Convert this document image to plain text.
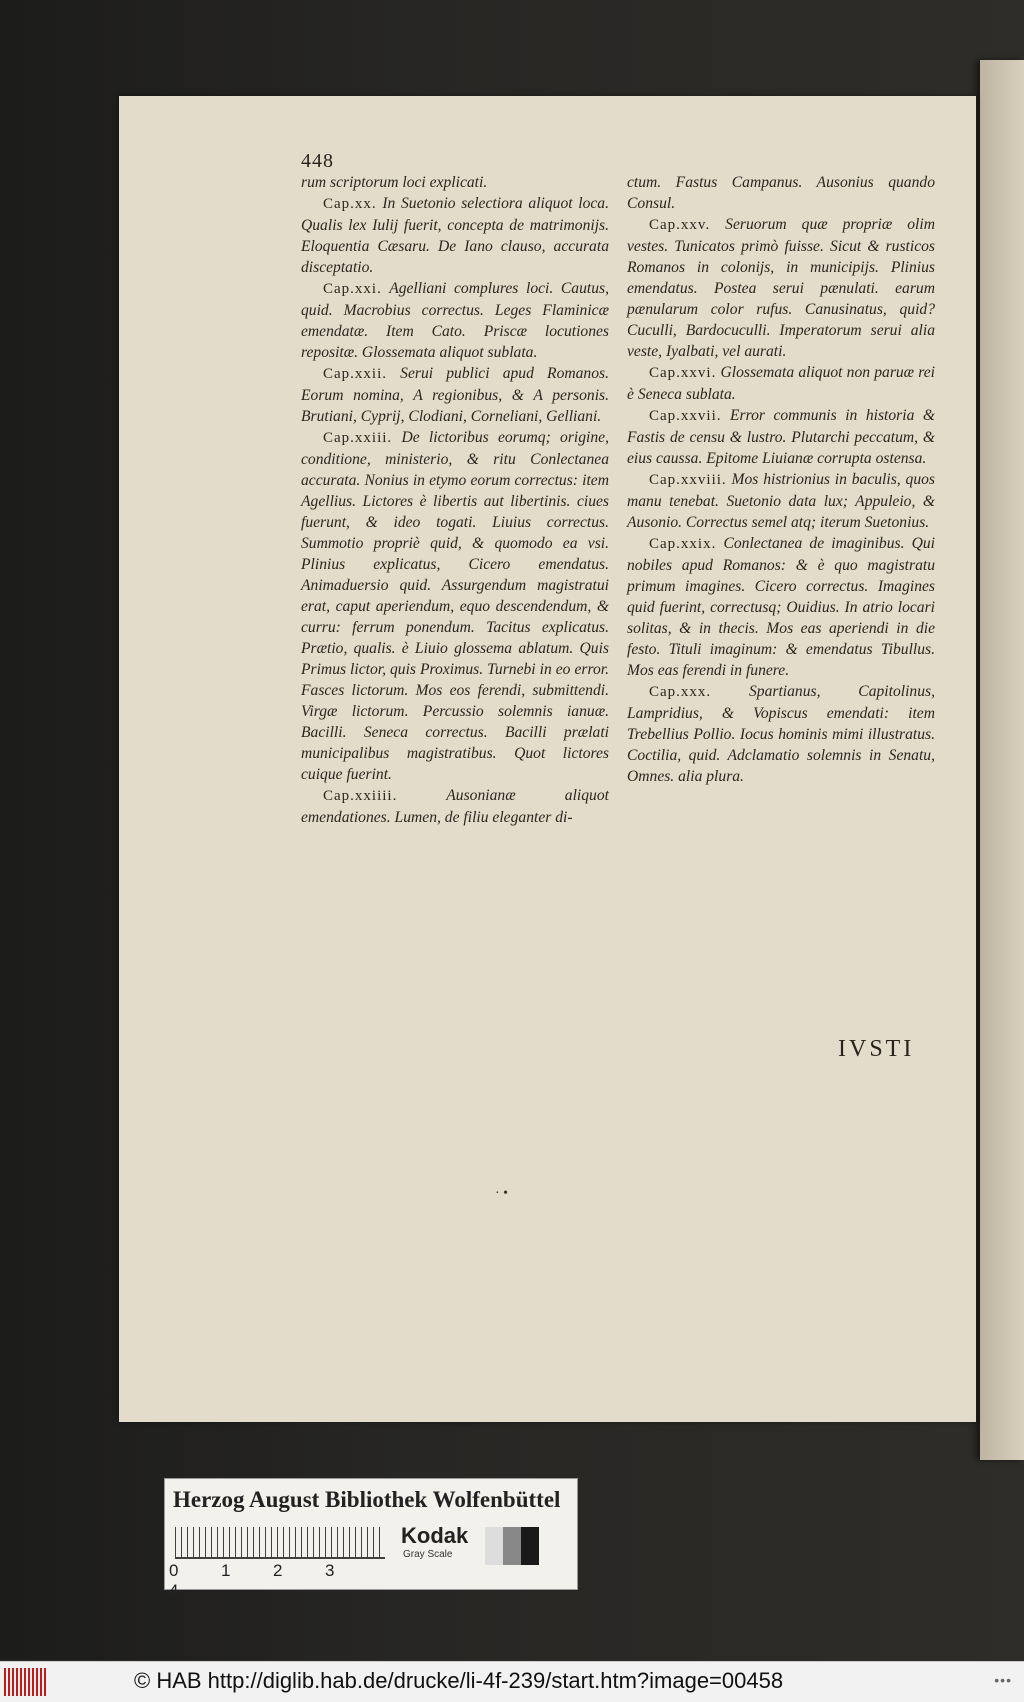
448

rum scriptorum loci explicati.

Cap.xx. In Suetonio selectiora aliquot loca. Qualis lex Iulij fuerit, concepta de matrimonijs. Eloquentia Cæsaru. De Iano clauso, accurata disceptatio.

Cap.xxi. Agelliani complures loci. Cautus, quid. Macrobius correctus. Leges Flaminicæ emendatæ. Item Cato. Priscæ locutiones repositæ. Glossemata aliquot sublata.

Cap.xxii. Serui publici apud Romanos. Eorum nomina, A regionibus, & A personis. Brutiani, Cyprij, Clodiani, Corneliani, Gelliani.

Cap.xxiii. De lictoribus eorumq; origine, conditione, ministerio, & ritu Conlectanea accurata. Nonius in etymo eorum correctus: item Agellius. Lictores è libertis aut libertinis. ciues fuerunt, & ideo togati. Liuius correctus. Summotio propriè quid, & quomodo ea vsi. Plinius explicatus, Cicero emendatus. Animaduersio quid. Assurgendum magistratui erat, caput aperiendum, equo descendendum, & curru: ferrum ponendum. Tacitus explicatus. Prætio, qualis. è Liuio glossema ablatum. Quis Primus lictor, quis Proximus. Turnebi in eo error. Fasces lictorum. Mos eos ferendi, submittendi. Virgæ lictorum. Percussio solemnis ianuæ. Bacilli. Seneca correctus. Bacilli prælati municipalibus magistratibus. Quot lictores cuique fuerint.

Cap.xxiiii.	Ausonianæ aliquot emendationes. Lumen, de filiu eleganter di-

ctum. Fastus Campanus. Ausonius quando Consul.

Cap.xxv. Seruorum quæ propriæ olim vestes. Tunicatos primò fuisse. Sicut & rusticos Romanos in colonijs, in municipijs. Plinius emendatus. Postea serui pænulati. earum pænularum color rufus. Canusinatus, quid? Cuculli, Bardocuculli. Imperatorum serui alia veste, Iyalbati, vel aurati.

Cap.xxvi. Glossemata aliquot non paruæ rei è Seneca sublata.

Cap.xxvii. Error communis in historia & Fastis de censu & lustro. Plutarchi peccatum, & eius caussa. Epitome Liuianæ corrupta ostensa.

Cap.xxviii. Mos histrionius in baculis, quos manu tenebat. Suetonio data lux; Appuleio, & Ausonio. Correctus semel atq; iterum Suetonius.

Cap.xxix. Conlectanea de imaginibus. Qui nobiles apud Romanos: & è quo magistratu primum imagines. Cicero correctus. Imagines quid fuerint, correctusq; Ouidius. In atrio locari solitas, & in thecis. Mos eas aperiendi in die festo. Tituli imaginum: & emendatus Tibullus. Mos eas ferendi in funere.

Cap.xxx. Spartianus, Capitolinus, Lampridius, & Vopiscus emendati: item Trebellius Pollio. Iocus hominis mimi illustratus. Coctilia, quid. Adclamatio solemnis in Senatu, Omnes. alia plura.

IVSTI
· •
Herzog August Bibliothek Wolfenbüttel
0	1	2	34
Kodak
Gray Scale
© HAB http://diglib.hab.de/drucke/li-4f-239/start.htm?image=00458	•••
